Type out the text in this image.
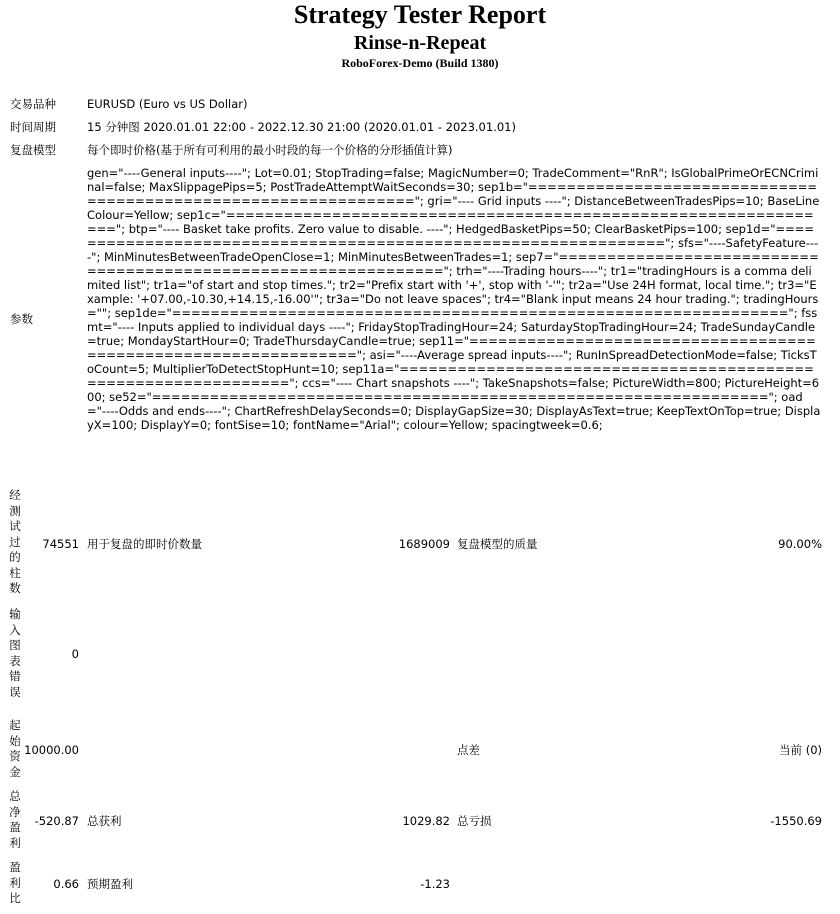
Strategy Tester Report
Rinse-n-Repeat
RoboForex-Demo (Build 1380)
交易品种	EURUSD (Euro vs US Dollar)
时间周期	15 分钟图 2020.01.01 22:00 - 2022.12.30 21:00 (2020.01.01 - 2023.01.01)
复盘模型	每个即时价格(基于所有可利用的最小时段的每一个价格的分形插值计算)
参数
gen="----General inputs----"; Lot=0.01; StopTrading=false; MagicNumber=0; TradeComment="RnR"; IsGlobalPrimeOrECNCriminal=false; MaxSlippagePips=5; PostTradeAttemptWaitSeconds=30; sep1b="================================================================"; gri="---- Grid inputs ----"; DistanceBetweenTradesPips=10; BaseLineColour=Yellow; sep1c="================================================================"; btp="---- Basket take profits. Zero value to disable. ----"; HedgedBasketPips=50; ClearBasketPips=100; sep1d="================================================================"; sfs="----SafetyFeature----"; MinMinutesBetweenTradeOpenClose=1; MinMinutesBetweenTrades=1; sep7="================================================================"; trh="----Trading hours----"; tr1="tradingHours is a comma delimited list"; tr1a="of start and stop times."; tr2="Prefix start with '+', stop with '-'"; tr2a="Use 24H format, local time."; tr3="Example: '+07.00,-10.30,+14.15,-16.00'"; tr3a="Do not leave spaces"; tr4="Blank input means 24 hour trading."; tradingHours=""; sep1de="================================================================"; fssmt="---- Inputs applied to individual days ----"; FridayStopTradingHour=24; SaturdayStopTradingHour=24; TradeSundayCandle=true; MondayStartHour=0; TradeThursdayCandle=true; sep11="================================================================"; asi="----Average spread inputs----"; RunInSpreadDetectionMode=false; TicksToCount=5; MultiplierToDetectStopHunt=10; sep11a="================================================================"; ccs="---- Chart snapshots ----"; TakeSnapshots=false; PictureWidth=800; PictureHeight=600; se52="================================================================"; oad="----Odds and ends----"; ChartRefreshDelaySeconds=0; DisplayGapSize=30; DisplayAsText=true; KeepTextOnTop=true; DisplayX=100; DisplayY=0; fontSise=10; fontName="Arial"; colour=Yellow; spacingtweek=0.6;
经测试过的柱数
74551 用于复盘的即时价数量	1689009 复盘模型的质量	90.00%
输入图表错误
0
起始资金
10000.00	点差	当前 (0)
总净盈利
-520.87 总获利	1029.82 总亏损	-1550.69
盈利比
0.66 预期盈利	-1.23
